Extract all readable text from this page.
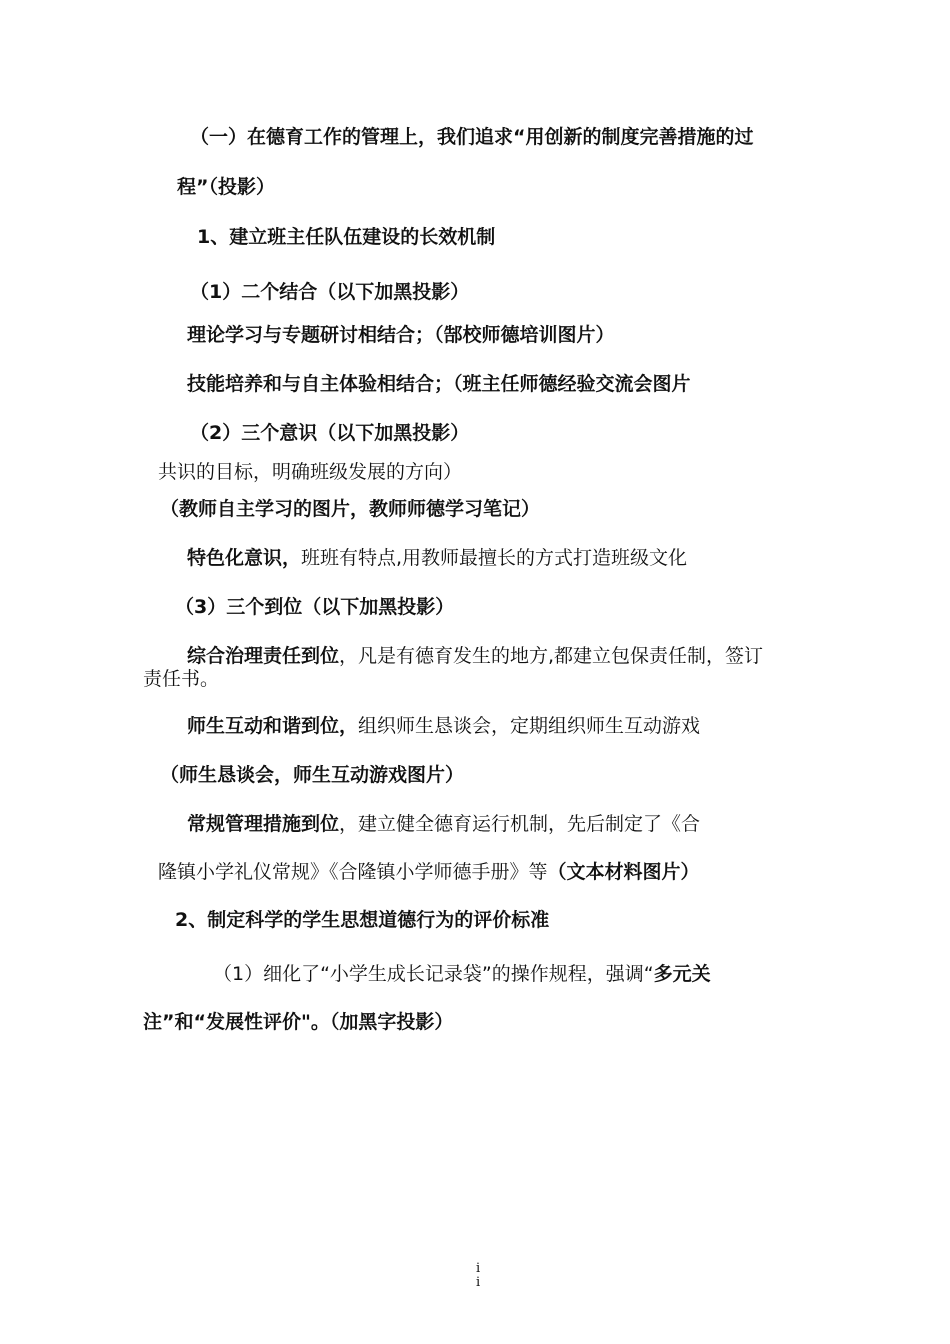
（一）在德育工作的管理上，我们追求“用创新的制度完善措施的过
程”（投影）
1、建立班主任队伍建设的长效机制
（1）二个结合（以下加黑投影）
理论学习与专题研讨相结合；（郜校师德培训图片）
技能培养和与自主体验相结合；（班主任师德经验交流会图片
（2）三个意识（以下加黑投影）
共识的目标，明确班级发展的方向）
（教师自主学习的图片，教师师德学习笔记）
特色化意识，班班有特点,用教师最擅长的方式打造班级文化
（3）三个到位（以下加黑投影）
综合治理责任到位，凡是有德育发生的地方,都建立包保责任制，签订
责任书。
师生互动和谐到位，组织师生恳谈会，定期组织师生互动游戏
（师生恳谈会，师生互动游戏图片）
常规管理措施到位，建立健全德育运行机制，先后制定了《合
隆镇小学礼仪常规》《合隆镇小学师德手册》等（文本材料图片）
2、制定科学的学生思想道德行为的评价标准
（1）细化了“小学生成长记录袋”的操作规程，强调“多元关
注”和“发展性评价"。（加黑字投影）
i
i
